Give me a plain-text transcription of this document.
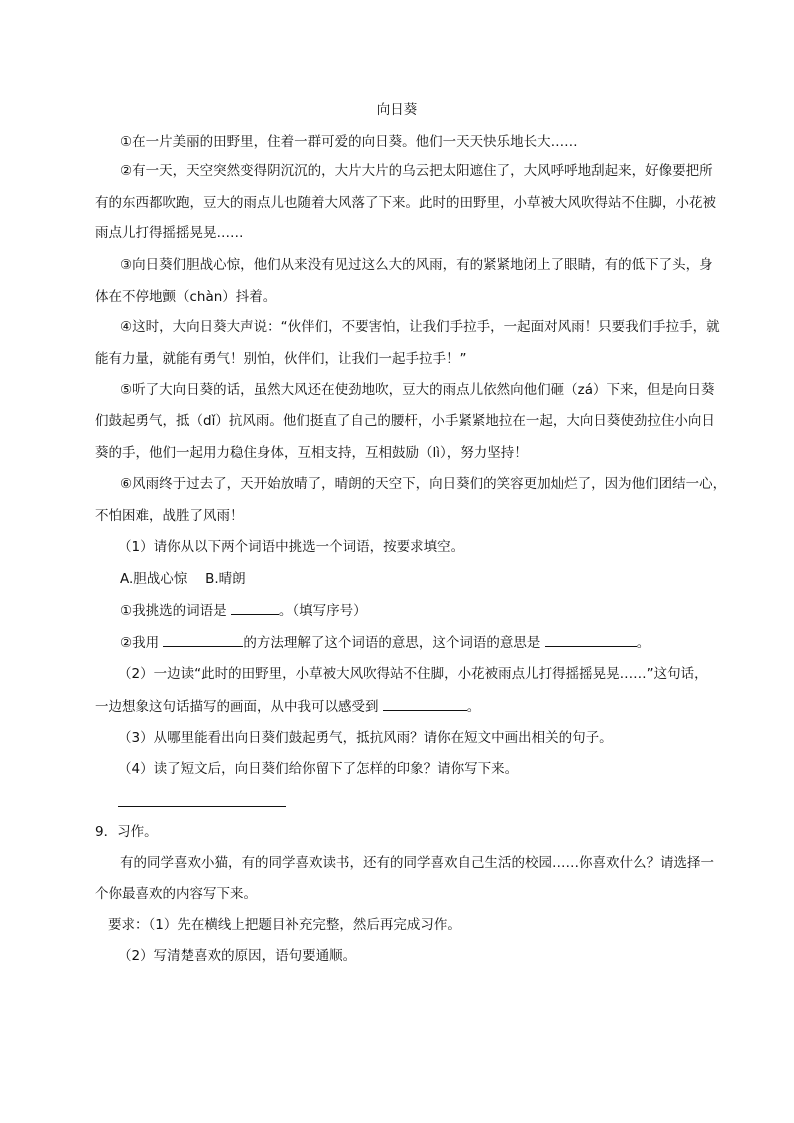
向日葵
①在一片美丽的田野里，住着一群可爱的向日葵。他们一天天快乐地长大……
②有一天，天空突然变得阴沉沉的，大片大片的乌云把太阳遮住了，大风呼呼地刮起来，好像要把所
有的东西都吹跑，豆大的雨点儿也随着大风落了下来。此时的田野里，小草被大风吹得站不住脚，小花被
雨点儿打得摇摇晃晃……
③向日葵们胆战心惊，他们从来没有见过这么大的风雨，有的紧紧地闭上了眼睛，有的低下了头，身
体在不停地颤（chàn）抖着。
④这时，大向日葵大声说：“伙伴们，不要害怕，让我们手拉手，一起面对风雨！只要我们手拉手，就
能有力量，就能有勇气！别怕，伙伴们，让我们一起手拉手！”
⑤听了大向日葵的话，虽然大风还在使劲地吹，豆大的雨点儿依然向他们砸（zá）下来，但是向日葵
们鼓起勇气，抵（dǐ）抗风雨。他们挺直了自己的腰杆，小手紧紧地拉在一起，大向日葵使劲拉住小向日
葵的手，他们一起用力稳住身体，互相支持，互相鼓励（lì），努力坚持！
⑥风雨终于过去了，天开始放晴了，晴朗的天空下，向日葵们的笑容更加灿烂了，因为他们团结一心，
不怕困难，战胜了风雨！
（1）请你从以下两个词语中挑选一个词语，按要求填空。
A.胆战心惊　 B.晴朗
①我挑选的词语是	。（填写序号）
②我用	的方法理解了这个词语的意思，这个词语的意思是	。
（2）一边读“此时的田野里，小草被大风吹得站不住脚，小花被雨点儿打得摇摇晃晃……”这句话，
一边想象这句话描写的画面，从中我可以感受到	。
（3）从哪里能看出向日葵们鼓起勇气，抵抗风雨？请你在短文中画出相关的句子。
（4）读了短文后，向日葵们给你留下了怎样的印象？请你写下来。
9．习作。
有的同学喜欢小猫，有的同学喜欢读书，还有的同学喜欢自己生活的校园……你喜欢什么？请选择一
个你最喜欢的内容写下来。
要求：（1）先在横线上把题目补充完整，然后再完成习作。
（2）写清楚喜欢的原因，语句要通顺。
